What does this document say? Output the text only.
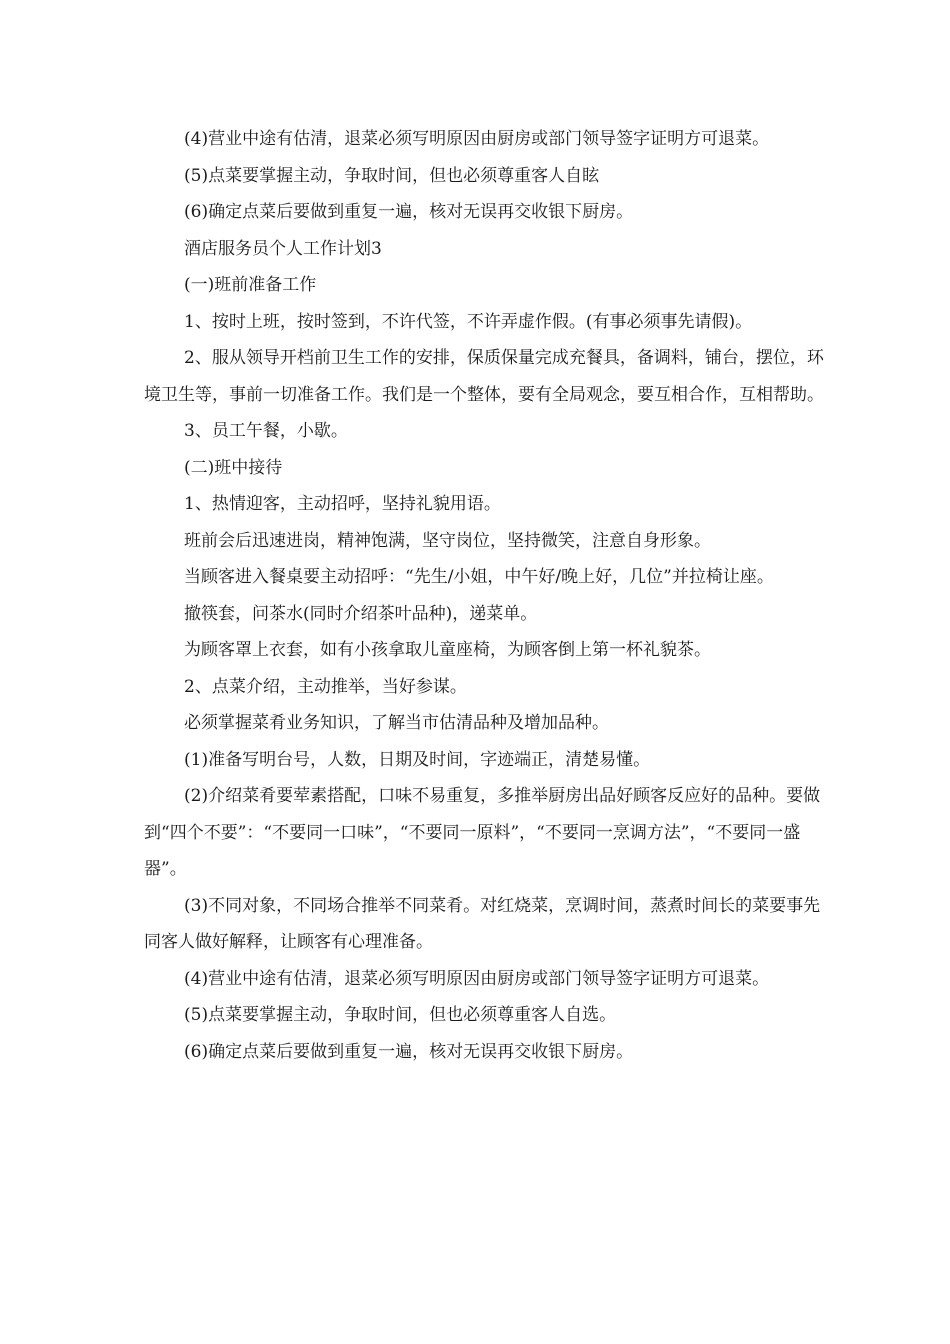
(4)营业中途有估清，退菜必须写明原因由厨房或部门领导签字证明方可退菜。

(5)点菜要掌握主动，争取时间，但也必须尊重客人自眩

(6)确定点菜后要做到重复一遍，核对无误再交收银下厨房。

酒店服务员个人工作计划3

(一)班前准备工作

1、按时上班，按时签到，不许代签，不许弄虚作假。(有事必须事先请假)。

2、服从领导开档前卫生工作的安排，保质保量完成充餐具，备调料，铺台，摆位，环境卫生等，事前一切准备工作。我们是一个整体，要有全局观念，要互相合作，互相帮助。

3、员工午餐，小歇。

(二)班中接待

1、热情迎客，主动招呼，坚持礼貌用语。

班前会后迅速进岗，精神饱满，坚守岗位，坚持微笑，注意自身形象。

当顾客进入餐桌要主动招呼：“先生/小姐，中午好/晚上好，几位”并拉椅让座。

撤筷套，问茶水(同时介绍茶叶品种)，递菜单。

为顾客罩上衣套，如有小孩拿取儿童座椅，为顾客倒上第一杯礼貌茶。

2、点菜介绍，主动推举，当好参谋。

必须掌握菜肴业务知识，了解当市估清品种及增加品种。

(1)准备写明台号，人数，日期及时间，字迹端正，清楚易懂。

(2)介绍菜肴要荤素搭配，口味不易重复，多推举厨房出品好顾客反应好的品种。要做到“四个不要”：“不要同一口味”，“不要同一原料”，“不要同一烹调方法”，“不要同一盛器”。

(3)不同对象，不同场合推举不同菜肴。对红烧菜，烹调时间，蒸煮时间长的菜要事先同客人做好解释，让顾客有心理准备。

(4)营业中途有估清，退菜必须写明原因由厨房或部门领导签字证明方可退菜。

(5)点菜要掌握主动，争取时间，但也必须尊重客人自选。

(6)确定点菜后要做到重复一遍，核对无误再交收银下厨房。
